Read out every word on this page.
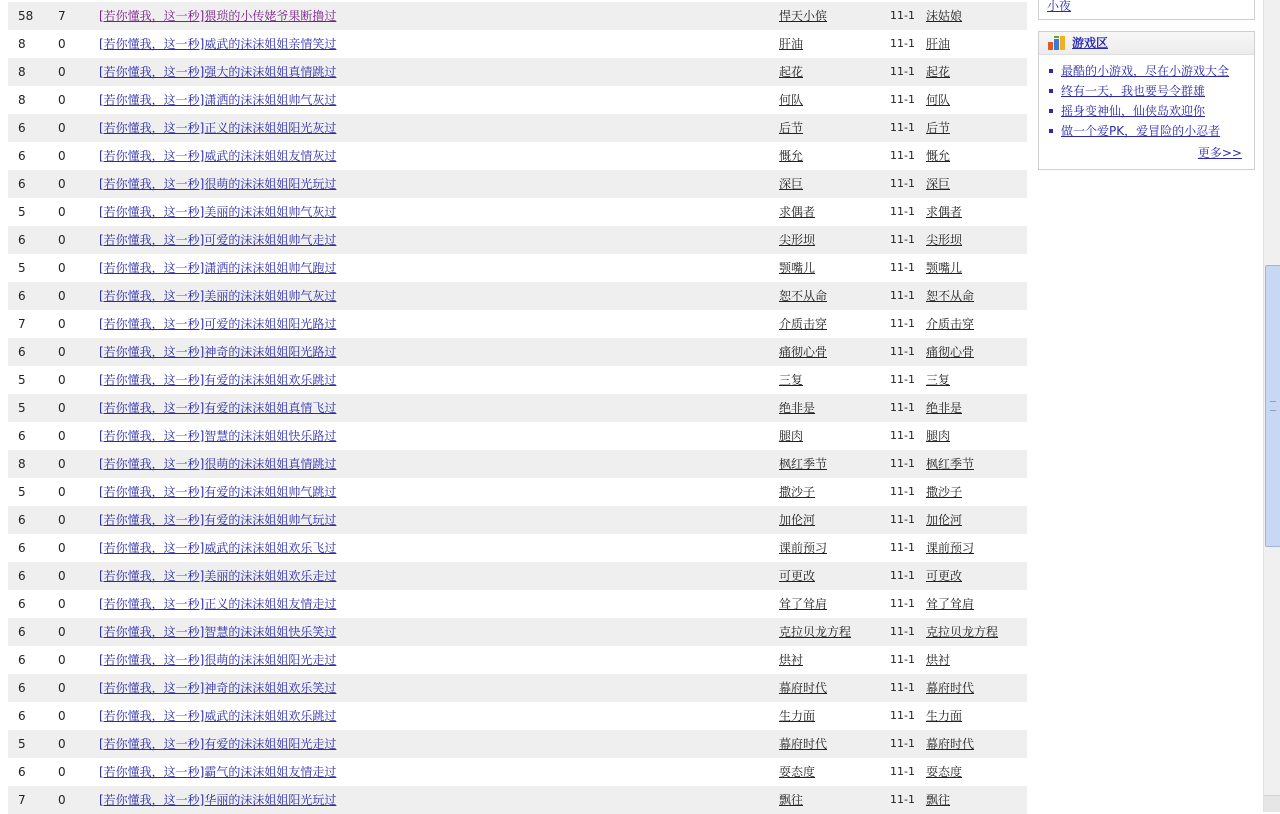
58 7	[若你懂我，这一秒]猥琐的小传姥爷果断撸过	悍天小傧	11-1 沫姑娘
8	0	[若你懂我，这一秒]威武的沫沫姐姐亲情笑过	肝油	11-1 肝油
8	0	[若你懂我，这一秒]强大的沫沫姐姐真情跳过	起花	11-1 起花
8	0	[若你懂我，这一秒]潇洒的沫沫姐姐帅气灰过	何队	11-1 何队
6	0	[若你懂我，这一秒]正义的沫沫姐姐阳光灰过	后节	11-1 后节
6	0	[若你懂我，这一秒]威武的沫沫姐姐友情灰过	慨允	11-1 慨允
6	0	[若你懂我，这一秒]很萌的沫沫姐姐阳光玩过	深巨	11-1 深巨
5	0	[若你懂我，这一秒]美丽的沫沫姐姐帅气灰过	求偶者	11-1 求偶者
6	0	[若你懂我，这一秒]可爱的沫沫姐姐帅气走过	尖形坝	11-1 尖形坝
5	0	[若你懂我，这一秒]潇洒的沫沫姐姐帅气跑过	颚嘴儿	11-1 颚嘴儿
6	0	[若你懂我，这一秒]美丽的沫沫姐姐帅气灰过	恕不从命	11-1 恕不从命
7	0	[若你懂我，这一秒]可爱的沫沫姐姐阳光路过	介质击穿	11-1 介质击穿
6	0	[若你懂我，这一秒]神奇的沫沫姐姐阳光路过	痛彻心骨	11-1 痛彻心骨
5	0	[若你懂我，这一秒]有爱的沫沫姐姐欢乐跳过	三复	11-1 三复
5	0	[若你懂我，这一秒]有爱的沫沫姐姐真情飞过	绝非是	11-1 绝非是
6	0	[若你懂我，这一秒]智慧的沫沫姐姐快乐路过	腿肉	11-1 腿肉
8	0	[若你懂我，这一秒]很萌的沫沫姐姐真情跳过	枫红季节	11-1 枫红季节
5	0	[若你懂我，这一秒]有爱的沫沫姐姐帅气跳过	撒沙子	11-1 撒沙子
6	0	[若你懂我，这一秒]有爱的沫沫姐姐帅气玩过	加伦河	11-1 加伦河
6	0	[若你懂我，这一秒]威武的沫沫姐姐欢乐飞过	课前预习	11-1 课前预习
6	0	[若你懂我，这一秒]美丽的沫沫姐姐欢乐走过	可更改	11-1 可更改
6	0	[若你懂我，这一秒]正义的沫沫姐姐友情走过	耸了耸肩	11-1 耸了耸肩
6	0	[若你懂我，这一秒]智慧的沫沫姐姐快乐笑过	克拉贝龙方程	11-1 克拉贝龙方程
6	0	[若你懂我，这一秒]很萌的沫沫姐姐阳光走过	烘衬	11-1 烘衬
6	0	[若你懂我，这一秒]神奇的沫沫姐姐欢乐笑过	幕府时代	11-1 幕府时代
6	0	[若你懂我，这一秒]威武的沫沫姐姐欢乐跳过	生力面	11-1 生力面
5	0	[若你懂我，这一秒]有爱的沫沫姐姐阳光走过	幕府时代	11-1 幕府时代
6	0	[若你懂我，这一秒]霸气的沫沫姐姐友情走过	耍态度	11-1 耍态度
7	0	[若你懂我，这一秒]华丽的沫沫姐姐阳光玩过	飘往	11-1 飘往
小夜
游戏区
最酷的小游戏，尽在小游戏大全
终有一天，我也要号令群雄
摇身变神仙，仙侠岛欢迎你
做一个爱PK，爱冒险的小忍者
更多>>
